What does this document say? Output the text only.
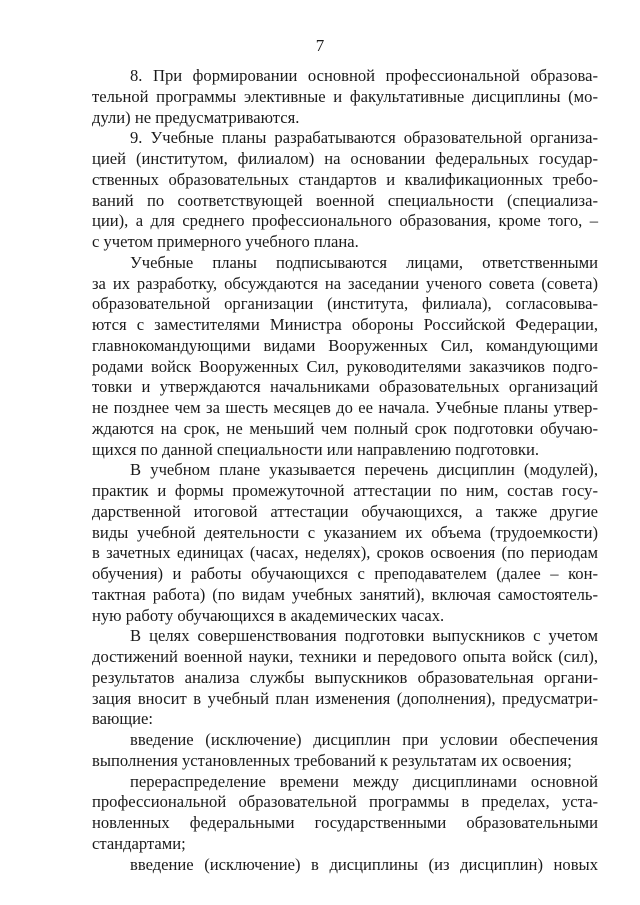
7
8. При формировании основной профессиональной образова-
тельной программы элективные и факультативные дисциплины (мо-
дули) не предусматриваются.
9. Учебные планы разрабатываются образовательной организа-
цией (институтом, филиалом) на основании федеральных государ-
ственных образовательных стандартов и квалификационных требо-
ваний по соответствующей военной специальности (специализа-
ции), а для среднего профессионального образования, кроме того, –
с учетом примерного учебного плана.
Учебные планы подписываются лицами, ответственными
за их разработку, обсуждаются на заседании ученого совета (совета)
образовательной организации (института, филиала), согласовыва-
ются с заместителями Министра обороны Российской Федерации,
главнокомандующими видами Вооруженных Сил, командующими
родами войск Вооруженных Сил, руководителями заказчиков подго-
товки и утверждаются начальниками образовательных организаций
не позднее чем за шесть месяцев до ее начала. Учебные планы утвер-
ждаются на срок, не меньший чем полный срок подготовки обучаю-
щихся по данной специальности или направлению подготовки.
В учебном плане указывается перечень дисциплин (модулей),
практик и формы промежуточной аттестации по ним, состав госу-
дарственной итоговой аттестации обучающихся, а также другие
виды учебной деятельности с указанием их объема (трудоемкости)
в зачетных единицах (часах, неделях), сроков освоения (по периодам
обучения) и работы обучающихся с преподавателем (далее – кон-
тактная работа) (по видам учебных занятий), включая самостоятель-
ную работу обучающихся в академических часах.
В целях совершенствования подготовки выпускников с учетом
достижений военной науки, техники и передового опыта войск (сил),
результатов анализа службы выпускников образовательная органи-
зация вносит в учебный план изменения (дополнения), предусматри-
вающие:
введение (исключение) дисциплин при условии обеспечения
выполнения установленных требований к результатам их освоения;
перераспределение времени между дисциплинами основной
профессиональной образовательной программы в пределах, уста-
новленных федеральными государственными образовательными
стандартами;
введение (исключение) в дисциплины (из дисциплин) новых
